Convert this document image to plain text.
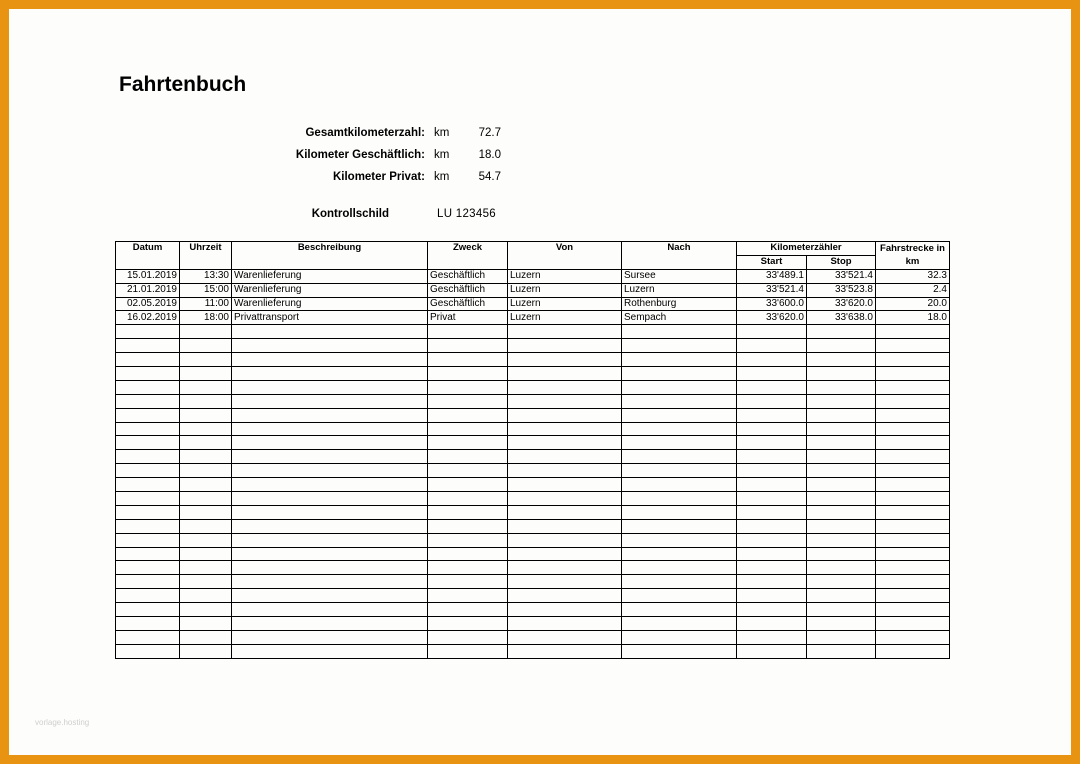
Fahrtenbuch
Gesamtkilometerzahl: km	72.7
Kilometer Geschäftlich: km	18.0
Kilometer Privat: km	54.7
Kontrollschild	LU 123456
Datum	Uhrzeit	Beschreibung	Zweck	Von	Nach	Kilometerzähler		Fahrstrecke in km
						Start	Stop	
15.01.2019	13:30	Warenlieferung	Geschäftlich	Luzern	Sursee	33'489.1	33'521.4	32.3
21.01.2019	15:00	Warenlieferung	Geschäftlich	Luzern	Luzern	33'521.4	33'523.8	2.4
02.05.2019	11:00	Warenlieferung	Geschäftlich	Luzern	Rothenburg	33'600.0	33'620.0	20.0
16.02.2019	18:00	Privattransport	Privat	Luzern	Sempach	33'620.0	33'638.0	18.0

vorlage.hosting
